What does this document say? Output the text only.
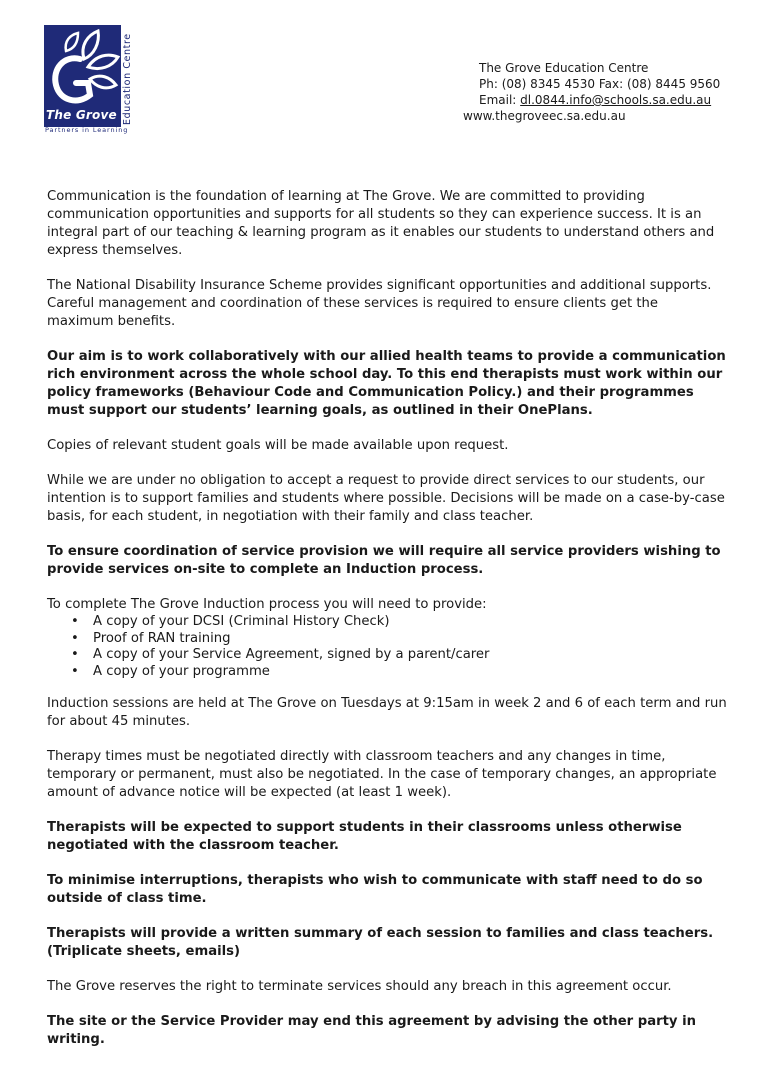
The Grove Education Centre
Partners in Learning
The Grove Education Centre
Ph: (08) 8345 4530 Fax: (08) 8445 9560
Email: dl.0844.info@schools.sa.edu.au
www.thegroveec.sa.edu.au

Communication is the foundation of learning at The Grove. We are committed to providing communication opportunities and supports for all students so they can experience success. It is an integral part of our teaching & learning program as it enables our students to understand others and express themselves.

The National Disability Insurance Scheme provides significant opportunities and additional supports. Careful management and coordination of these services is required to ensure clients get the maximum benefits.

Our aim is to work collaboratively with our allied health teams to provide a communication rich environment across the whole school day. To this end therapists must work within our policy frameworks (Behaviour Code and Communication Policy.) and their programmes must support our students’ learning goals, as outlined in their OnePlans.

Copies of relevant student goals will be made available upon request.

While we are under no obligation to accept a request to provide direct services to our students, our intention is to support families and students where possible. Decisions will be made on a case-by-case basis, for each student, in negotiation with their family and class teacher.

To ensure coordination of service provision we will require all service providers wishing to provide services on-site to complete an Induction process.

To complete The Grove Induction process you will need to provide:

• A copy of your DCSI (Criminal History Check)
• Proof of RAN training
• A copy of your Service Agreement, signed by a parent/carer
• A copy of your programme

Induction sessions are held at The Grove on Tuesdays at 9:15am in week 2 and 6 of each term and run for about 45 minutes.

Therapy times must be negotiated directly with classroom teachers and any changes in time, temporary or permanent, must also be negotiated. In the case of temporary changes, an appropriate amount of advance notice will be expected (at least 1 week).

Therapists will be expected to support students in their classrooms unless otherwise negotiated with the classroom teacher.

To minimise interruptions, therapists who wish to communicate with staff need to do so outside of class time.

Therapists will provide a written summary of each session to families and class teachers. (Triplicate sheets, emails)

The Grove reserves the right to terminate services should any breach in this agreement occur.

The site or the Service Provider may end this agreement by advising the other party in writing.
